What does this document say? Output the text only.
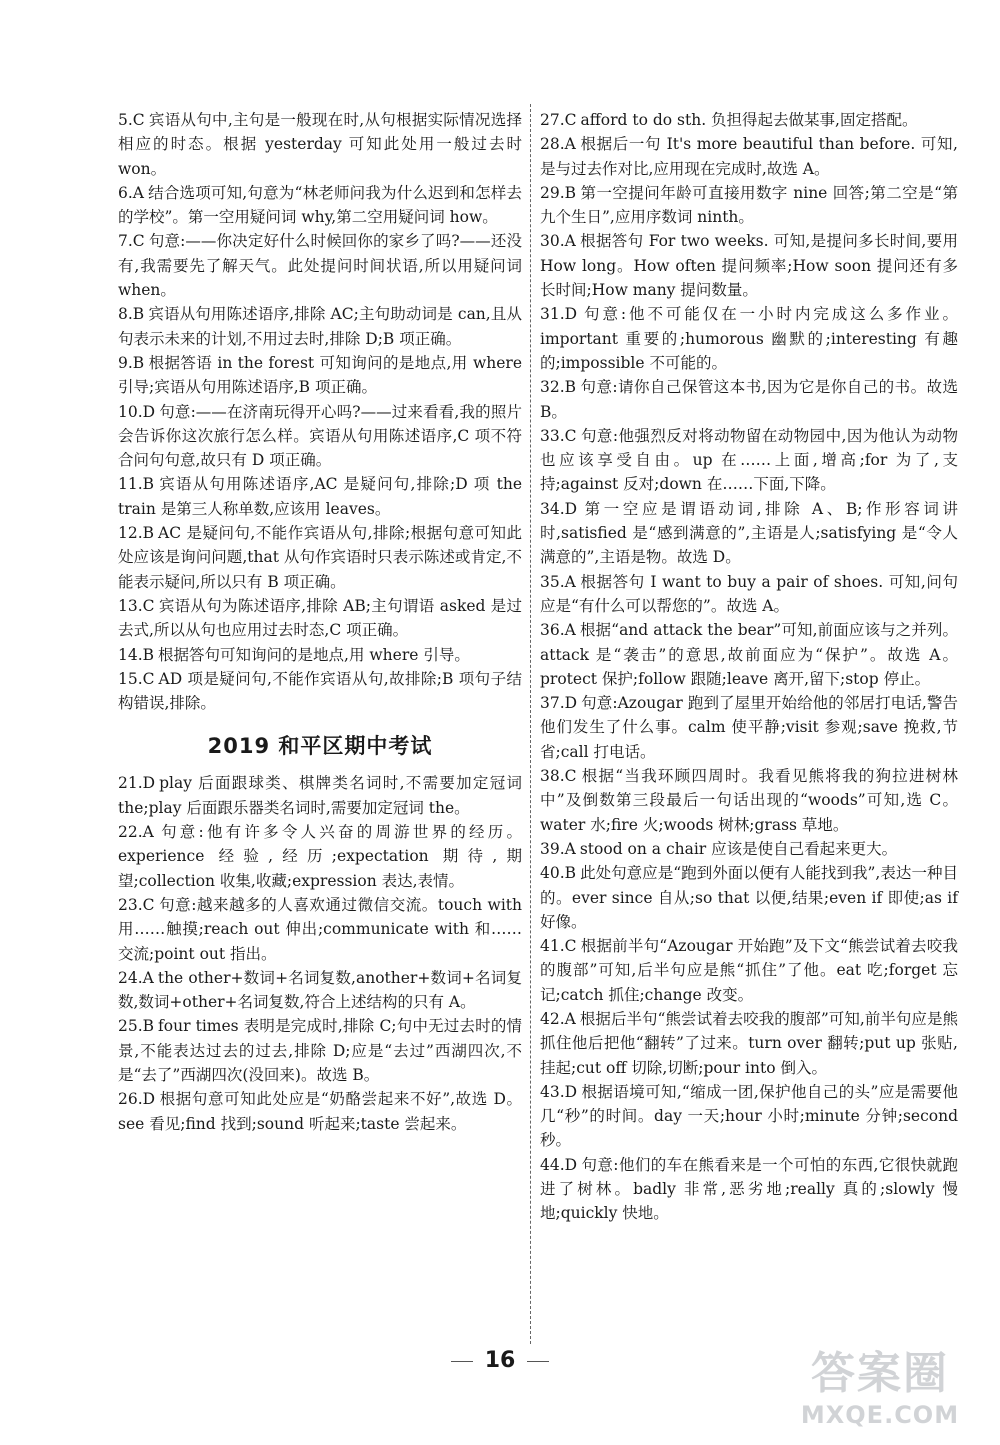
5.C 宾语从句中,主句是一般现在时,从句根据实际情况选择相应的时态。根据 yesterday 可知此处用一般过去时 won。

6.A 结合选项可知,句意为“林老师问我为什么迟到和怎样去的学校”。第一空用疑问词 why,第二空用疑问词 how。

7.C 句意:——你决定好什么时候回你的家乡了吗?——还没有,我需要先了解天气。此处提问时间状语,所以用疑问词 when。

8.B 宾语从句用陈述语序,排除 AC;主句助动词是 can,且从句表示未来的计划,不用过去时,排除 D;B 项正确。

9.B 根据答语 in the forest 可知询问的是地点,用 where 引导;宾语从句用陈述语序,B 项正确。

10.D 句意:——在济南玩得开心吗?——过来看看,我的照片会告诉你这次旅行怎么样。宾语从句用陈述语序,C 项不符合问句句意,故只有 D 项正确。

11.B 宾语从句用陈述语序,AC 是疑问句,排除;D 项 the train 是第三人称单数,应该用 leaves。

12.B AC 是疑问句,不能作宾语从句,排除;根据句意可知此处应该是询问问题,that 从句作宾语时只表示陈述或肯定,不能表示疑问,所以只有 B 项正确。

13.C 宾语从句为陈述语序,排除 AB;主句谓语 asked 是过去式,所以从句也应用过去时态,C 项正确。

14.B 根据答句可知询问的是地点,用 where 引导。

15.C AD 项是疑问句,不能作宾语从句,故排除;B 项句子结构错误,排除。

2019 和平区期中考试

21.D play 后面跟球类、棋牌类名词时,不需要加定冠词 the;play 后面跟乐器类名词时,需要加定冠词 the。

22.A 句意:他有许多令人兴奋的周游世界的经历。experience 经验,经历;expectation 期待,期望;collection 收集,收藏;expression 表达,表情。

23.C 句意:越来越多的人喜欢通过微信交流。touch with 用……触摸;reach out 伸出;communicate with 和……交流;point out 指出。

24.A the other+数词+名词复数,another+数词+名词复数,数词+other+名词复数,符合上述结构的只有 A。

25.B four times 表明是完成时,排除 C;句中无过去时的情景,不能表达过去的过去,排除 D;应是“去过”西湖四次,不是“去了”西湖四次(没回来)。故选 B。

26.D 根据句意可知此处应是“奶酪尝起来不好”,故选 D。see 看见;find 找到;sound 听起来;taste 尝起来。

27.C afford to do sth. 负担得起去做某事,固定搭配。

28.A 根据后一句 It's more beautiful than before. 可知,是与过去作对比,应用现在完成时,故选 A。

29.B 第一空提问年龄可直接用数字 nine 回答;第二空是“第九个生日”,应用序数词 ninth。

30.A 根据答句 For two weeks. 可知,是提问多长时间,要用 How long。How often 提问频率;How soon 提问还有多长时间;How many 提问数量。

31.D 句意:他不可能仅在一小时内完成这么多作业。important 重要的;humorous 幽默的;interesting 有趣的;impossible 不可能的。

32.B 句意:请你自己保管这本书,因为它是你自己的书。故选 B。

33.C 句意:他强烈反对将动物留在动物园中,因为他认为动物也应该享受自由。up 在……上面,增高;for 为了,支持;against 反对;down 在……下面,下降。

34.D 第一空应是谓语动词,排除 A、B;作形容词讲时,satisfied 是“感到满意的”,主语是人;satisfying 是“令人满意的”,主语是物。故选 D。

35.A 根据答句 I want to buy a pair of shoes. 可知,问句应是“有什么可以帮您的”。故选 A。

36.A 根据“and attack the bear”可知,前面应该与之并列。attack 是“袭击”的意思,故前面应为“保护”。故选 A。protect 保护;follow 跟随;leave 离开,留下;stop 停止。

37.D 句意:Azougar 跑到了屋里开始给他的邻居打电话,警告他们发生了什么事。calm 使平静;visit 参观;save 挽救,节省;call 打电话。

38.C 根据“当我环顾四周时。我看见熊将我的狗拉进树林中”及倒数第三段最后一句话出现的“woods”可知,选 C。water 水;fire 火;woods 树林;grass 草地。

39.A stood on a chair 应该是使自己看起来更大。

40.B 此处句意应是“跑到外面以便有人能找到我”,表达一种目的。ever since 自从;so that 以便,结果;even if 即使;as if 好像。

41.C 根据前半句“Azougar 开始跑”及下文“熊尝试着去咬我的腹部”可知,后半句应是熊“抓住”了他。eat 吃;forget 忘记;catch 抓住;change 改变。

42.A 根据后半句“熊尝试着去咬我的腹部”可知,前半句应是熊抓住他后把他“翻转”了过来。turn over 翻转;put up 张贴,挂起;cut off 切除,切断;pour into 倒入。

43.D 根据语境可知,“缩成一团,保护他自己的头”应是需要他几“秒”的时间。day 一天;hour 小时;minute 分钟;second 秒。

44.D 句意:他们的车在熊看来是一个可怕的东西,它很快就跑进了树林。badly 非常,恶劣地;really 真的;slowly 慢地;quickly 快地。

16	答案圈
MXQE.COM
